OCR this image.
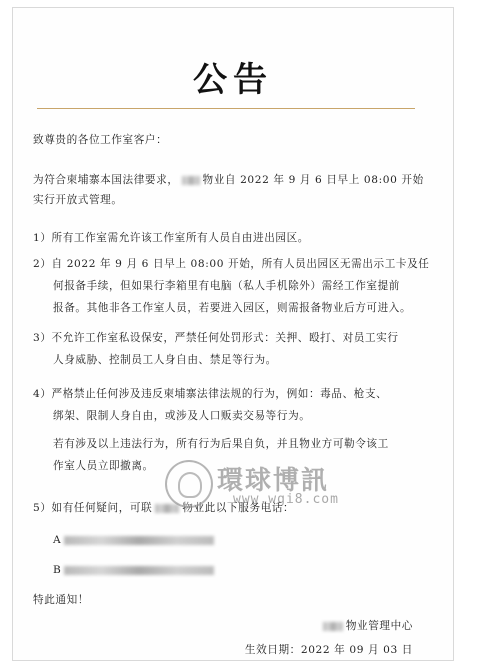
公告
致尊贵的各位工作室客户：
为符合柬埔寨本国法律要求， 物业自 2022 年 9 月 6 日早上 08:00 开始
实行开放式管理。
1）所有工作室需允许该工作室所有人员自由进出园区。
2）自 2022 年 9 月 6 日早上 08:00 开始，所有人员出园区无需出示工卡及任
何报备手续，但如果行李箱里有电脑（私人手机除外）需经工作室提前
报备。其他非各工作室人员，若要进入园区，则需报备物业后方可进入。
3）不允许工作室私设保安，严禁任何处罚形式：关押、殴打、对员工实行
人身威胁、控制员工人身自由、禁足等行为。
4）严格禁止任何涉及违反柬埔寨法律法规的行为，例如：毒品、枪支、
绑架、限制人身自由，或涉及人口贩卖交易等行为。
若有涉及以上违法行为，所有行为后果自负，并且物业方可勒令该工
作室人员立即撤离。
5）如有任何疑问，可联	物业此以下服务电话：
A
B
特此通知！
物业管理中心
生效日期：2022 年 09 月 03 日
環球博訊
www.wgi8.com
